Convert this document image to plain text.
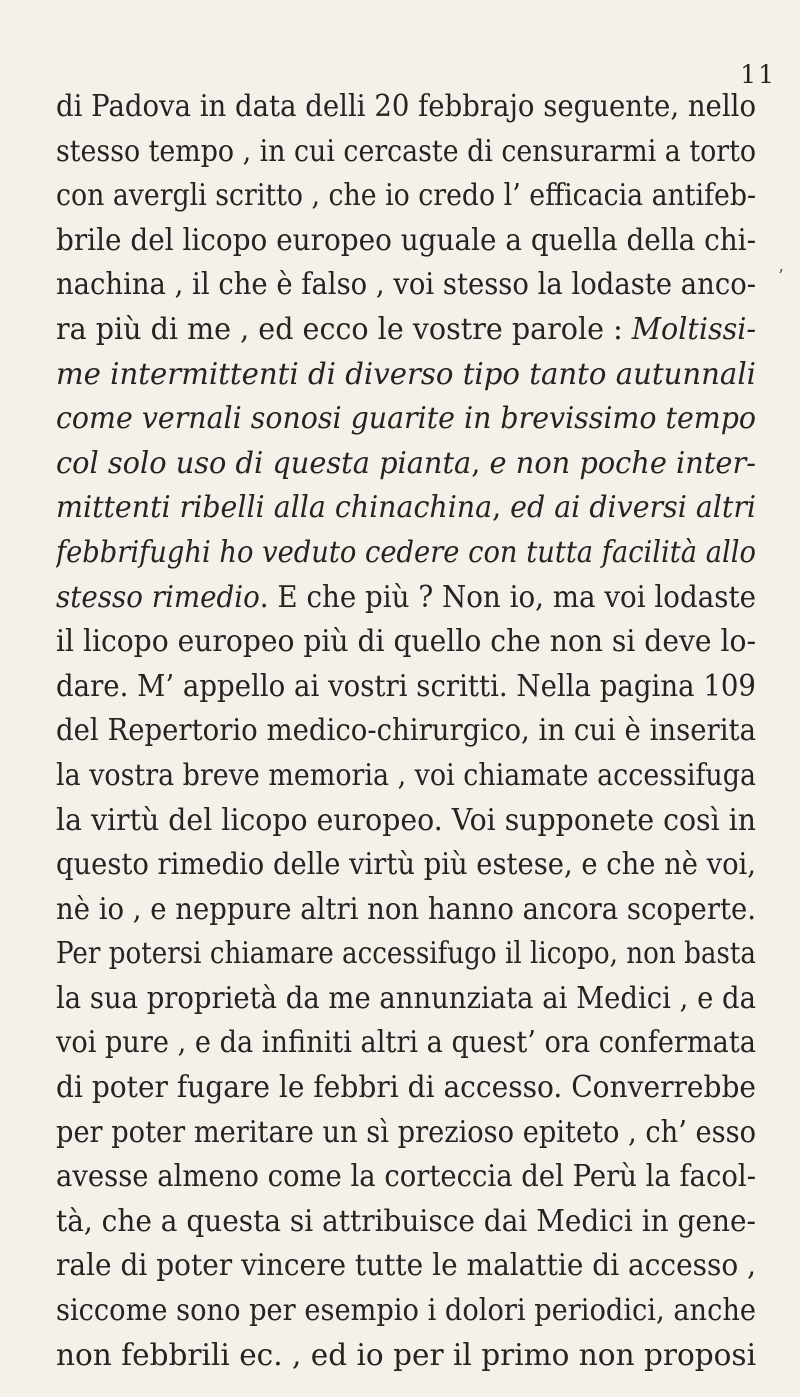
11
’
di Padova in data delli 20 febbrajo seguente, nello
stesso tempo , in cui cercaste di censurarmi a torto
con avergli scritto , che io credo l’ efficacia antifeb-
brile del licopo europeo uguale a quella della chi-
nachina , il che è falso , voi stesso la lodaste anco-
ra più di me , ed ecco le vostre parole : Moltissi-
me intermittenti di diverso tipo tanto autunnali
come vernali sonosi guarite in brevissimo tempo
col solo uso di questa pianta, e non poche inter-
mittenti ribelli alla chinachina, ed ai diversi altri
febbrifughi ho veduto cedere con tutta facilità allo
stesso rimedio. E che più ? Non io, ma voi lodaste
il licopo europeo più di quello che non si deve lo-
dare. M’ appello ai vostri scritti. Nella pagina 109
del Repertorio medico-chirurgico, in cui è inserita
la vostra breve memoria , voi chiamate accessifuga
la virtù del licopo europeo. Voi supponete così in
questo rimedio delle virtù più estese, e che nè voi,
nè io , e neppure altri non hanno ancora scoperte.
Per potersi chiamare accessifugo il licopo, non basta
la sua proprietà da me annunziata ai Medici , e da
voi pure , e da infiniti altri a quest’ ora confermata
di poter fugare le febbri di accesso. Converrebbe
per poter meritare un sì prezioso epiteto , ch’ esso
avesse almeno come la corteccia del Perù la facol-
tà, che a questa si attribuisce dai Medici in gene-
rale di poter vincere tutte le malattie di accesso ,
siccome sono per esempio i dolori periodici, anche
non febbrili ec. , ed io per il primo non proposi
